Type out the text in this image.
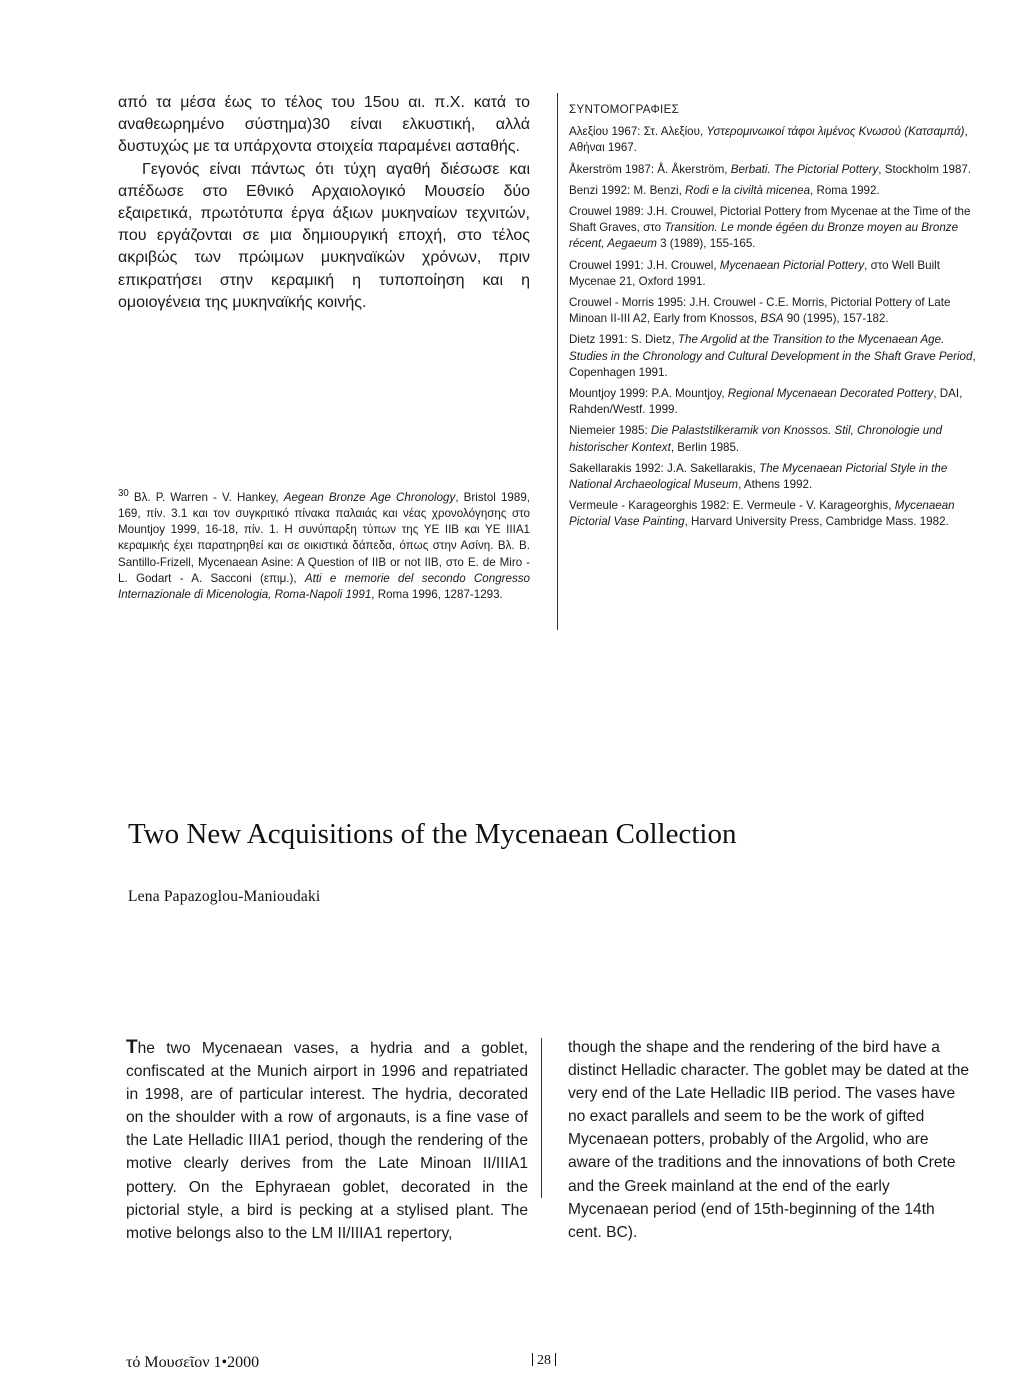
από τα μέσα έως το τέλος του 15ου αι. π.Χ. κατά το αναθεωρημένο σύστημα)30 είναι ελκυστική, αλλά δυστυχώς με τα υπάρχοντα στοιχεία παραμένει ασταθής.

Γεγονός είναι πάντως ότι τύχη αγαθή διέσωσε και απέδωσε στο Εθνικό Αρχαιολογικό Μουσείο δύο εξαιρετικά, πρωτότυπα έργα άξιων μυκηναίων τεχνιτών, που εργάζονται σε μια δημιουργική εποχή, στο τέλος ακριβώς των πρώιμων μυκηναϊκών χρόνων, πριν επικρατήσει στην κεραμική η τυποποίηση και η ομοιογένεια της μυκηναϊκής κοινής.

$^{30}$ Βλ. P. Warren - V. Hankey, Aegean Bronze Age Chronology, Bristol 1989, 169, πίν. 3.1 και τον συγκριτικό πίνακα παλαιάς και νέας χρονολόγησης στο Mountjoy 1999, 16-18, πίν. 1. Η συνύπαρξη τύπων της ΥΕ ΙΙΒ και ΥΕ ΙΙΙΑ1 κεραμικής έχει παρατηρηθεί και σε οικιστικά δάπεδα, όπως στην Ασίνη. Βλ. Β. Santillo-Frizell, Mycenaean Asine: A Question of IIB or not IIB, στο E. de Miro - L. Godart - A. Sacconi (επιμ.), Atti e memorie del secondo Congresso Internazionale di Micenologia, Roma-Napoli 1991, Roma 1996, 1287-1293.

ΣΥΝΤΟΜΟΓΡΑΦΙΕΣ

Αλεξίου 1967: Στ. Αλεξίου, Υστερομινωικοί τάφοι λιμένος Κνωσού (Κατσαμπά), Αθήναι 1967.

Åkerström 1987: Å. Åkerström, Berbati. The Pictorial Pottery, Stockholm 1987.

Benzi 1992: M. Benzi, Rodi e la civiltà micenea, Roma 1992.

Crouwel 1989: J.H. Crouwel, Pictorial Pottery from Mycenae at the Time of the Shaft Graves, στο Transition. Le monde égéen du Bronze moyen au Bronze récent, Aegaeum 3 (1989), 155-165.

Crouwel 1991: J.H. Crouwel, Mycenaean Pictorial Pottery, στο Well Built Mycenae 21, Oxford 1991.

Crouwel - Morris 1995: J.H. Crouwel - C.E. Morris, Pictorial Pottery of Late Minoan II-III A2, Early from Knossos, BSA 90 (1995), 157-182.

Dietz 1991: S. Dietz, The Argolid at the Transition to the Mycenaean Age. Studies in the Chronology and Cultural Development in the Shaft Grave Period, Copenhagen 1991.

Mountjoy 1999: P.A. Mountjoy, Regional Mycenaean Decorated Pottery, DAI, Rahden/Westf. 1999.

Niemeier 1985: Die Palaststilkeramik von Knossos. Stil, Chronologie und historischer Kontext, Berlin 1985.

Sakellarakis 1992: J.A. Sakellarakis, The Mycenaean Pictorial Style in the National Archaeological Museum, Athens 1992.

Vermeule - Karageorghis 1982: E. Vermeule - V. Karageorghis, Mycenaean Pictorial Vase Painting, Harvard University Press, Cambridge Mass. 1982.

Two New Acquisitions of the Mycenaean Collection
Lena Papazoglou-Manioudaki

The two Mycenaean vases, a hydria and a goblet, confiscated at the Munich airport in 1996 and repatriated in 1998, are of particular interest. The hydria, decorated on the shoulder with a row of argonauts, is a fine vase of the Late Helladic IIIA1 period, though the rendering of the motive clearly derives from the Late Minoan II/IIIA1 pottery. On the Ephyraean goblet, decorated in the pictorial style, a bird is pecking at a stylised plant. The motive belongs also to the LM II/IIIA1 repertory,

though the shape and the rendering of the bird have a distinct Helladic character. The goblet may be dated at the very end of the Late Helladic IIB period. The vases have no exact parallels and seem to be the work of gifted Mycenaean potters, probably of the Argolid, who are aware of the traditions and the innovations of both Crete and the Greek mainland at the end of the early Mycenaean period (end of 15th-beginning of the 14th cent. BC).

τό Μουσεῖον 1•2000	28
